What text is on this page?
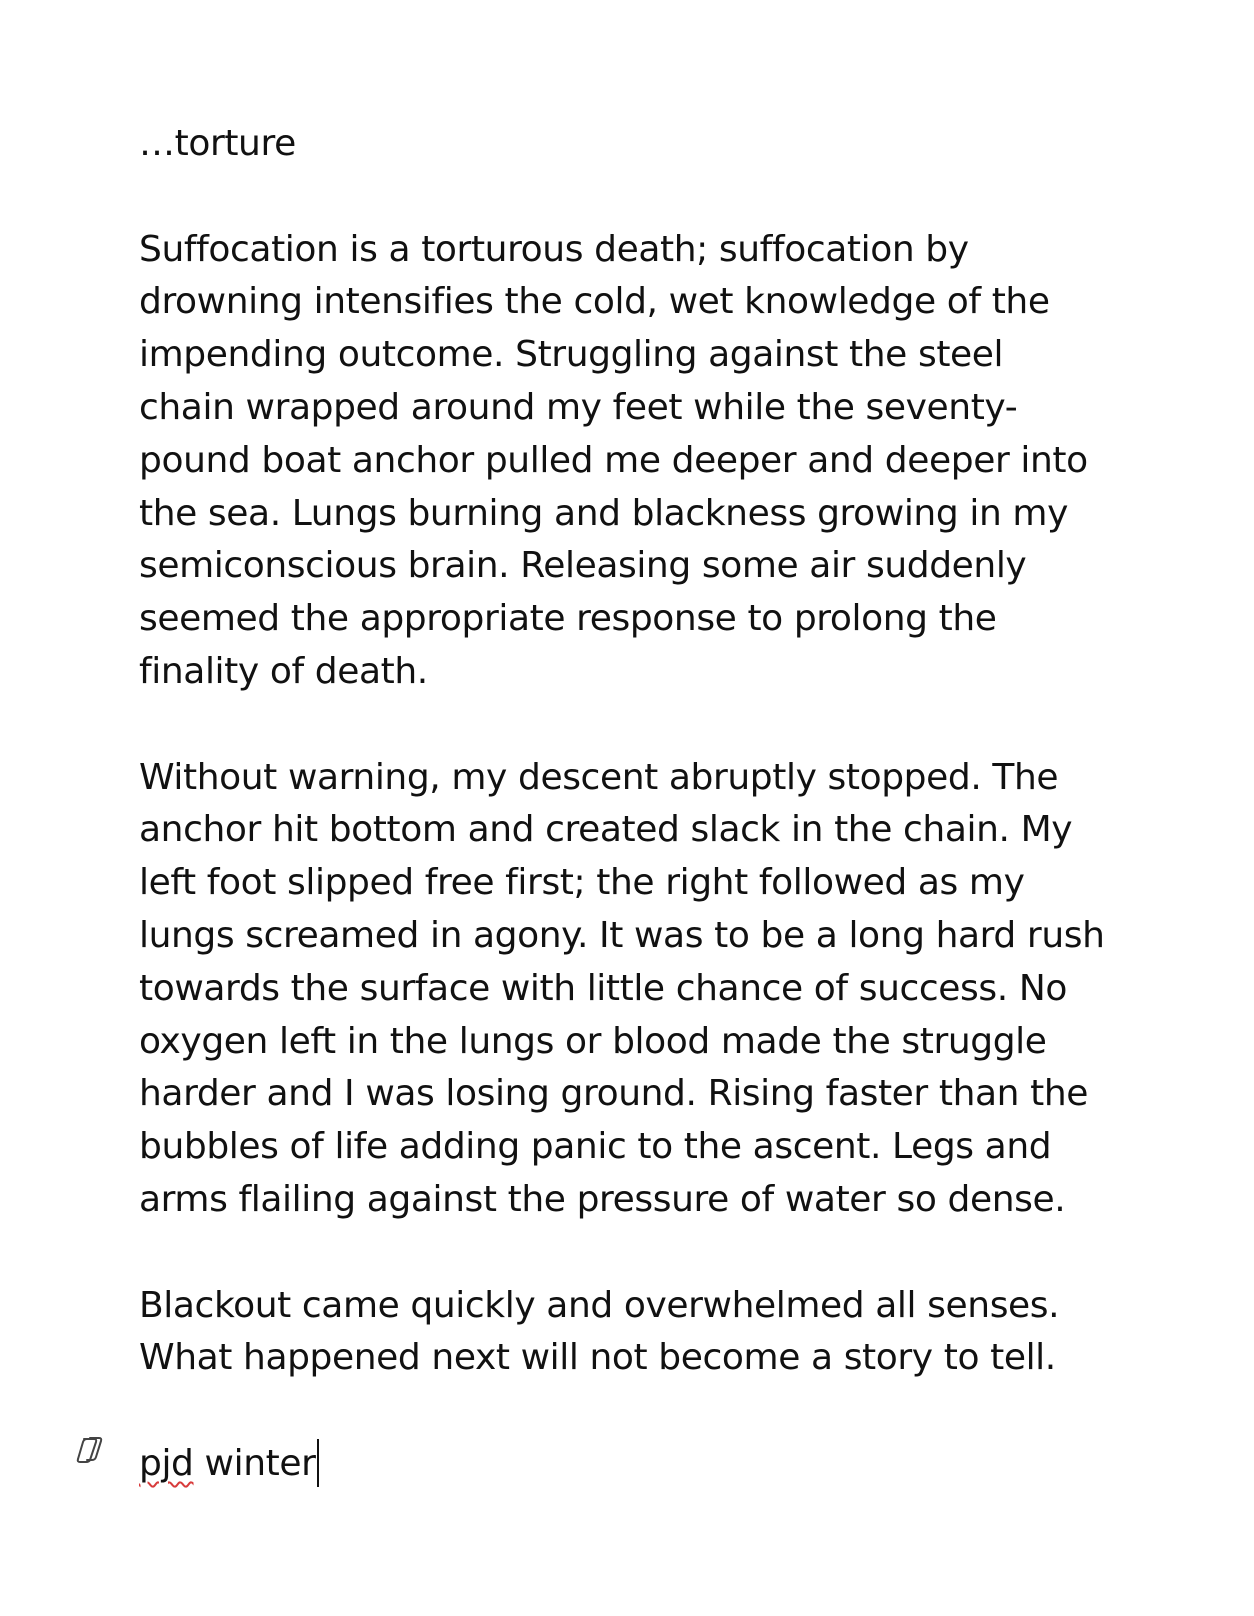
…torture

Suffocation is a torturous death; suffocation by
drowning intensifies the cold, wet knowledge of the
impending outcome. Struggling against the steel
chain wrapped around my feet while the seventy-
pound boat anchor pulled me deeper and deeper into
the sea. Lungs burning and blackness growing in my
semiconscious brain. Releasing some air suddenly
seemed the appropriate response to prolong the
finality of death.

Without warning, my descent abruptly stopped. The
anchor hit bottom and created slack in the chain. My
left foot slipped free first; the right followed as my
lungs screamed in agony. It was to be a long hard rush
towards the surface with little chance of success. No
oxygen left in the lungs or blood made the struggle
harder and I was losing ground. Rising faster than the
bubbles of life adding panic to the ascent. Legs and
arms flailing against the pressure of water so dense.

Blackout came quickly and overwhelmed all senses.
What happened next will not become a story to tell.

pjd winter
